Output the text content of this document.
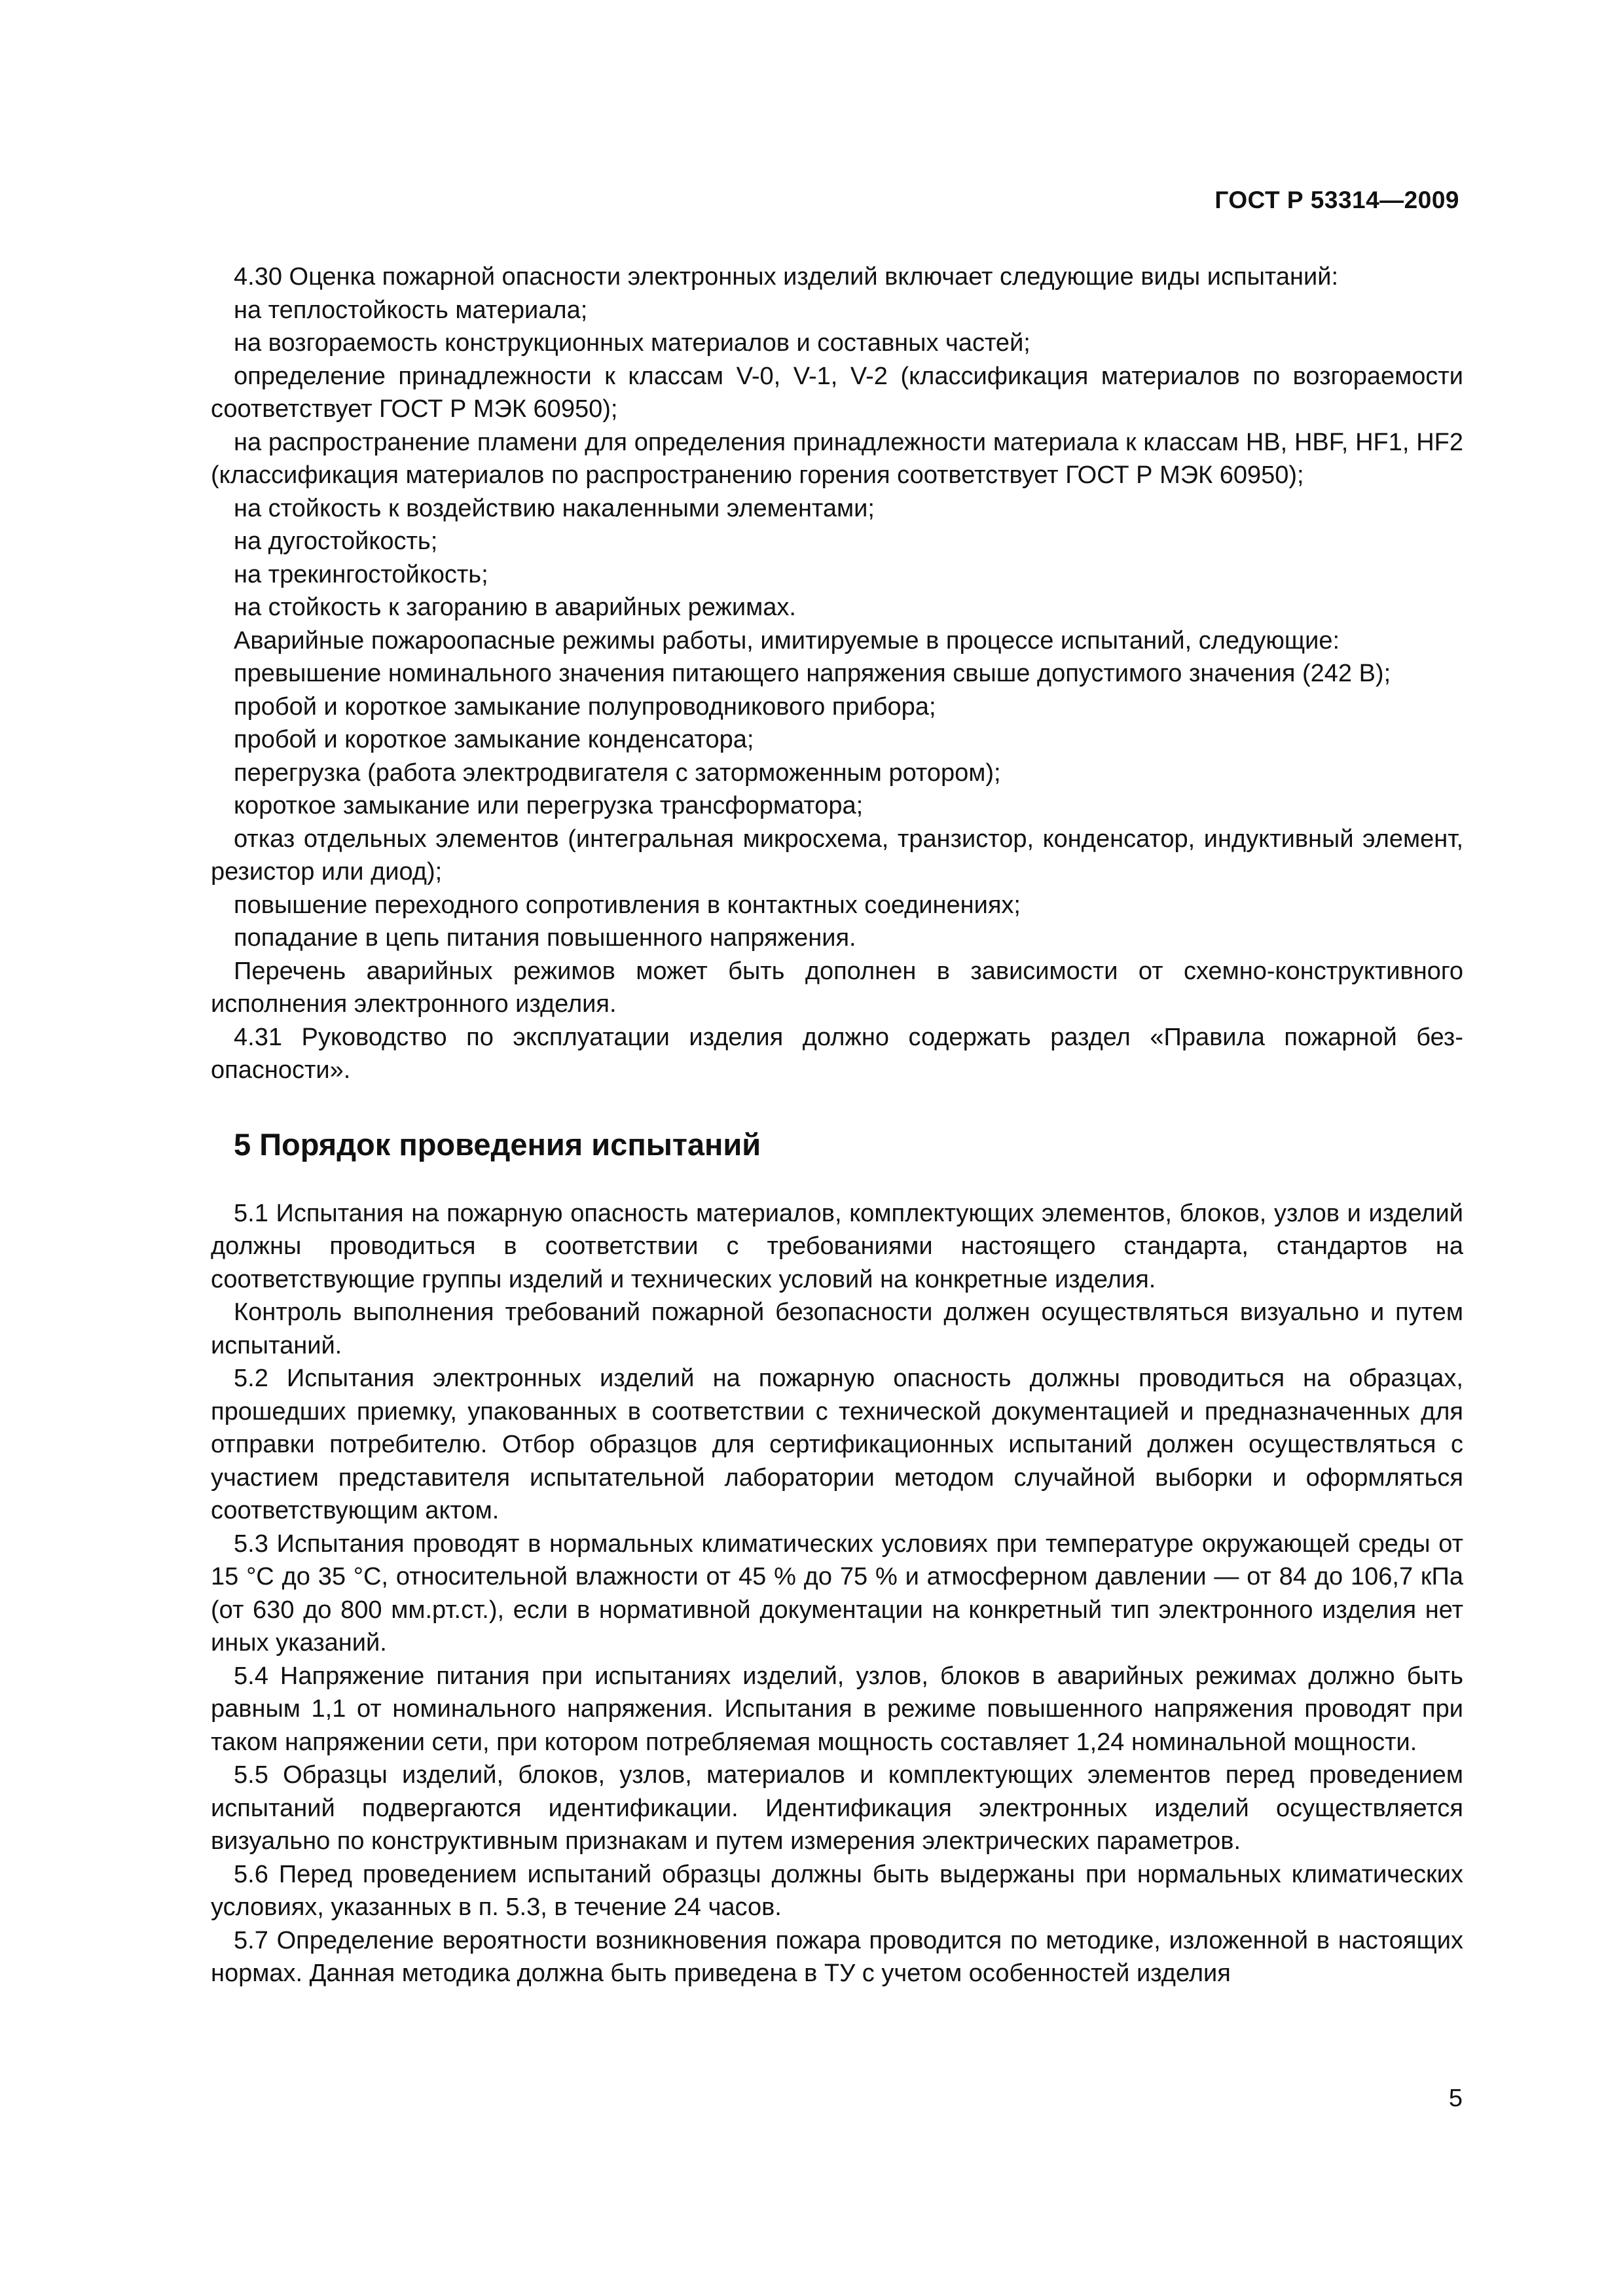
ГОСТ Р 53314—2009

4.30 Оценка пожарной опасности электронных изделий включает следующие виды испытаний:

на теплостойкость материала;

на возгораемость конструкционных материалов и составных частей;

определение принадлежности к классам V-0, V-1, V-2 (классификация материалов по возгораемости соответствует ГОСТ Р МЭК 60950);

на распространение пламени для определения принадлежности материала к классам HB, HBF, HF1, HF2 (классификация материалов по распространению горения соответствует ГОСТ Р МЭК 60950);

на стойкость к воздействию накаленными элементами;

на дугостойкость;

на трекингостойкость;

на стойкость к загоранию в аварийных режимах.

Аварийные пожароопасные режимы работы, имитируемые в процессе испытаний, следующие:

превышение номинального значения питающего напряжения свыше допустимого значения (242 В);

пробой и короткое замыкание полупроводникового прибора;

пробой и короткое замыкание конденсатора;

перегрузка (работа электродвигателя с заторможенным ротором);

короткое замыкание или перегрузка трансформатора;

отказ отдельных элементов (интегральная микросхема, транзистор, конденсатор, индуктивный элемент, резистор или диод);

повышение переходного сопротивления в контактных соединениях;

попадание в цепь питания повышенного напряжения.

Перечень аварийных режимов может быть дополнен в зависимости от схемно-конструктивного исполнения электронного изделия.

4.31 Руководство по эксплуатации изделия должно содержать раздел «Правила пожарной безопасности».

5 Порядок проведения испытаний

5.1 Испытания на пожарную опасность материалов, комплектующих элементов, блоков, узлов и изделий должны проводиться в соответствии с требованиями настоящего стандарта, стандартов на соответствующие группы изделий и технических условий на конкретные изделия.

Контроль выполнения требований пожарной безопасности должен осуществляться визуально и путем испытаний.

5.2 Испытания электронных изделий на пожарную опасность должны проводиться на образцах, прошедших приемку, упакованных в соответствии с технической документацией и предназначенных для отправки потребителю. Отбор образцов для сертификационных испытаний должен осуществляться с участием представителя испытательной лаборатории методом случайной выборки и оформляться соответствующим актом.

5.3 Испытания проводят в нормальных климатических условиях при температуре окружающей среды от 15 °С до 35 °С, относительной влажности от 45 % до 75 % и атмосферном давлении — от 84 до 106,7 кПа (от 630 до 800 мм.рт.ст.), если в нормативной документации на конкретный тип электронного изделия нет иных указаний.

5.4 Напряжение питания при испытаниях изделий, узлов, блоков в аварийных режимах должно быть равным 1,1 от номинального напряжения. Испытания в режиме повышенного напряжения проводят при таком напряжении сети, при котором потребляемая мощность составляет 1,24 номинальной мощности.

5.5 Образцы изделий, блоков, узлов, материалов и комплектующих элементов перед проведением испытаний подвергаются идентификации. Идентификация электронных изделий осуществляется визуально по конструктивным признакам и путем измерения электрических параметров.

5.6 Перед проведением испытаний образцы должны быть выдержаны при нормальных климатических условиях, указанных в п. 5.3, в течение 24 часов.

5.7 Определение вероятности возникновения пожара проводится по методике, изложенной в настоящих нормах. Данная методика должна быть приведена в ТУ с учетом особенностей изделия

5
